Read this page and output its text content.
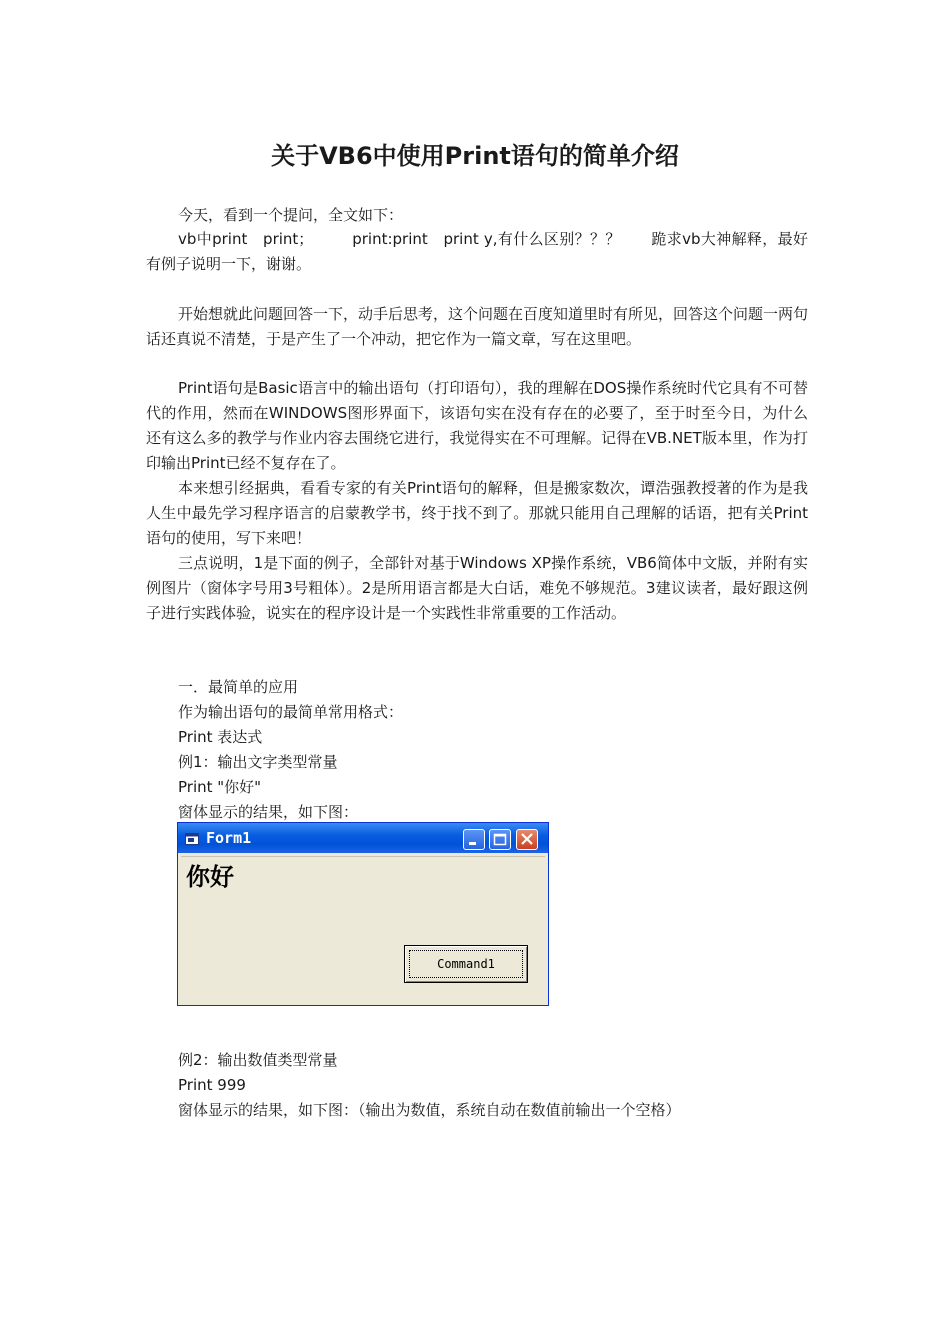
关于VB6中使用Print语句的简单介绍

今天，看到一个提问，全文如下：

vb中print　print；　　　print:print　print y,有什么区别？？？　　跪求vb大神解释，最好有例子说明一下，谢谢。

开始想就此问题回答一下，动手后思考，这个问题在百度知道里时有所见，回答这个问题一两句话还真说不清楚，于是产生了一个冲动，把它作为一篇文章，写在这里吧。

Print语句是Basic语言中的输出语句（打印语句），我的理解在DOS操作系统时代它具有不可替代的作用，然而在WINDOWS图形界面下，该语句实在没有存在的必要了，至于时至今日，为什么还有这么多的教学与作业内容去围绕它进行，我觉得实在不可理解。记得在VB.NET版本里，作为打印输出Print已经不复存在了。

本来想引经据典，看看专家的有关Print语句的解释，但是搬家数次，谭浩强教授著的作为是我人生中最先学习程序语言的启蒙教学书，终于找不到了。那就只能用自己理解的话语，把有关Print语句的使用，写下来吧！

三点说明，1是下面的例子，全部针对基于Windows XP操作系统，VB6简体中文版，并附有实例图片（窗体字号用3号粗体）。2是所用语言都是大白话，难免不够规范。3建议读者，最好跟这例子进行实践体验，说实在的程序设计是一个实践性非常重要的工作活动。

一．最简单的应用
作为输出语句的最简单常用格式：
Print 表达式
例1：输出文字类型常量
Print "你好"
窗体显示的结果，如下图：
Form1
你好
Command1
例2：输出数值类型常量
Print 999
窗体显示的结果，如下图：（输出为数值，系统自动在数值前输出一个空格）
